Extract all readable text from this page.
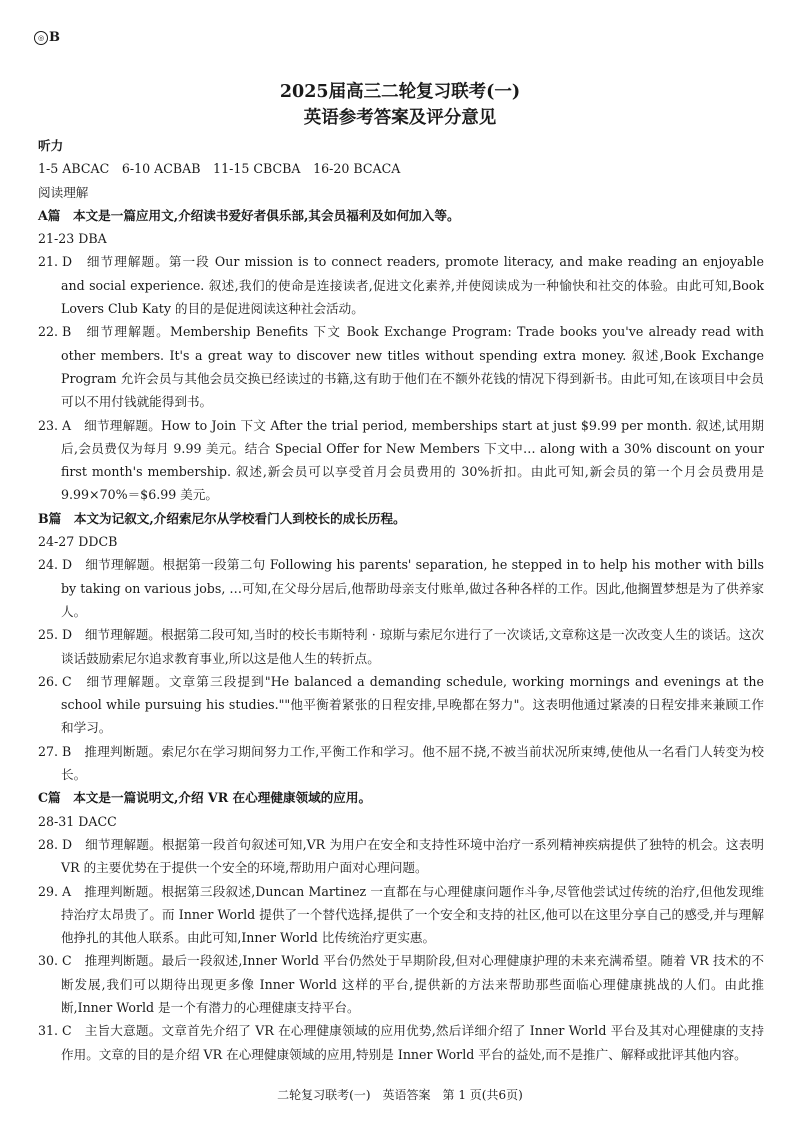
◎ B
2025届高三二轮复习联考(一)
英语参考答案及评分意见
听力
1-5 ABCAC　6-10 ACBAB　11-15 CBCBA　16-20 BCACA
阅读理解
A篇　本文是一篇应用文,介绍读书爱好者俱乐部,其会员福利及如何加入等。
21-23 DBA
21. D　 细节理解题。第一段 Our mission is to connect readers, promote literacy, and make reading an enjoyable and social experience. 叙述,我们的使命是连接读者,促进文化素养,并使阅读成为一种愉快和社交的体验。由此可知,Book Lovers Club Katy 的目的是促进阅读这种社会活动。
22. B　 细节理解题。Membership Benefits 下文 Book Exchange Program: Trade books you've already read with other members. It's a great way to discover new titles without spending extra money. 叙述,Book Exchange Program 允许会员与其他会员交换已经读过的书籍,这有助于他们在不额外花钱的情况下得到新书。由此可知,在该项目中会员可以不用付钱就能得到书。
23. A　 细节理解题。How to Join 下文 After the trial period, memberships start at just $9.99 per month. 叙述,试用期后,会员费仅为每月 9.99 美元。结合 Special Offer for New Members 下文中… along with a 30% discount on your first month's membership. 叙述,新会员可以享受首月会员费用的 30%折扣。由此可知,新会员的第一个月会员费用是 9.99×70%＝$6.99 美元。
B篇　本文为记叙文,介绍索尼尔从学校看门人到校长的成长历程。
24-27 DDCB
24. D　 细节理解题。根据第一段第二句 Following his parents' separation, he stepped in to help his mother with bills by taking on various jobs, …可知,在父母分居后,他帮助母亲支付账单,做过各种各样的工作。因此,他搁置梦想是为了供养家人。
25. D　 细节理解题。根据第二段可知,当时的校长韦斯特利 · 琼斯与索尼尔进行了一次谈话,文章称这是一次改变人生的谈话。这次谈话鼓励索尼尔追求教育事业,所以这是他人生的转折点。
26. C　 细节理解题。文章第三段提到"He balanced a demanding schedule, working mornings and evenings at the school while pursuing his studies.""他平衡着紧张的日程安排,早晚都在努力"。这表明他通过紧凑的日程安排来兼顾工作和学习。
27. B　 推理判断题。索尼尔在学习期间努力工作,平衡工作和学习。他不屈不挠,不被当前状况所束缚,使他从一名看门人转变为校长。
C篇　本文是一篇说明文,介绍 VR 在心理健康领域的应用。
28-31 DACC
28. D　 细节理解题。根据第一段首句叙述可知,VR 为用户在安全和支持性环境中治疗一系列精神疾病提供了独特的机会。这表明 VR 的主要优势在于提供一个安全的环境,帮助用户面对心理问题。
29. A　 推理判断题。根据第三段叙述,Duncan Martinez 一直都在与心理健康问题作斗争,尽管他尝试过传统的治疗,但他发现维持治疗太昂贵了。而 Inner World 提供了一个替代选择,提供了一个安全和支持的社区,他可以在这里分享自己的感受,并与理解他挣扎的其他人联系。由此可知,Inner World 比传统治疗更实惠。
30. C　 推理判断题。最后一段叙述,Inner World 平台仍然处于早期阶段,但对心理健康护理的未来充满希望。随着 VR 技术的不断发展,我们可以期待出现更多像 Inner World 这样的平台,提供新的方法来帮助那些面临心理健康挑战的人们。由此推断,Inner World 是一个有潜力的心理健康支持平台。
31. C　 主旨大意题。文章首先介绍了 VR 在心理健康领域的应用优势,然后详细介绍了 Inner World 平台及其对心理健康的支持作用。文章的目的是介绍 VR 在心理健康领域的应用,特别是 Inner World 平台的益处,而不是推广、解释或批评其他内容。
二轮复习联考(一)　英语答案　第 1 页(共6页)
